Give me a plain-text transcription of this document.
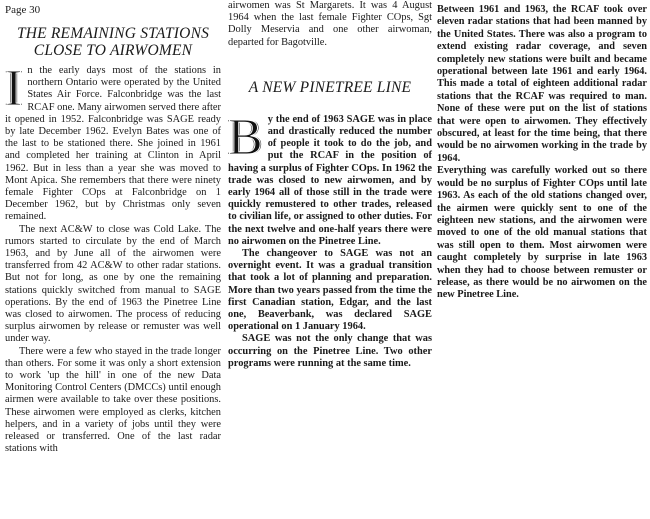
Page 30
THE REMAINING STATIONS
CLOSE TO AIRWOMEN

In the early days most of the stations in northern Ontario were operated by the United States Air Force. Falconbridge was the last RCAF one. Many airwomen served there after it opened in 1952. Falconbridge was SAGE ready by late December 1962. Evelyn Bates was one of the last to be stationed there. She joined in 1961 and completed her training at Clinton in April 1962. But in less than a year she was moved to Mont Apica. She remembers that there were ninety female Fighter COps at Falconbridge on 1 December 1962, but by Christmas only seven remained.

The next AC&W to close was Cold Lake. The rumors started to circulate by the end of March 1963, and by June all of the airwomen were transferred from 42 AC&W to other radar stations. But not for long, as one by one the remaining stations quickly switched from manual to SAGE operations. By the end of 1963 the Pinetree Line was closed to airwomen. The process of reducing surplus airwomen by release or remuster was well under way.

There were a few who stayed in the trade longer than others. For some it was only a short extension to work 'up the hill' in one of the new Data Monitoring Control Centers (DMCCs) until enough airmen were available to take over these positions. These airwomen were employed as clerks, kitchen helpers, and in a variety of jobs until they were released or transferred. One of the last radar stations with

airwomen was St Margarets. It was 4 August 1964 when the last female Fighter COps, Sgt Dolly Meservia and one other airwoman, departed for Bagotville.

A NEW PINETREE LINE

By the end of 1963 SAGE was in place and drastically reduced the number of people it took to do the job, and put the RCAF in the position of having a surplus of Fighter COps. In 1962 the trade was closed to new airwomen, and by early 1964 all of those still in the trade were quickly remustered to other trades, released to civilian life, or assigned to other duties. For the next twelve and one-half years there were no airwomen on the Pinetree Line.

The changeover to SAGE was not an overnight event. It was a gradual transition that took a lot of planning and preparation. More than two years passed from the time the first Canadian station, Edgar, and the last one, Beaverbank, was declared SAGE operational on 1 January 1964.

SAGE was not the only change that was occurring on the Pinetree Line. Two other programs were running at the same time.

Between 1961 and 1963, the RCAF took over eleven radar stations that had been manned by the United States. There was also a program to extend existing radar coverage, and seven completely new stations were built and became operational between late 1961 and early 1964. This made a total of eighteen additional radar stations that the RCAF was required to man. None of these were put on the list of stations that were open to airwomen. They effectively obscured, at least for the time being, that there would be no airwomen working in the trade by 1964.

Everything was carefully worked out so there would be no surplus of Fighter COps until late 1963. As each of the old stations changed over, the airmen were quickly sent to one of the eighteen new stations, and the airwomen were moved to one of the old manual stations that was still open to them. Most airwomen were caught completely by surprise in late 1963 when they had to choose between remuster or release, as there would be no airwomen on the new Pinetree Line.
